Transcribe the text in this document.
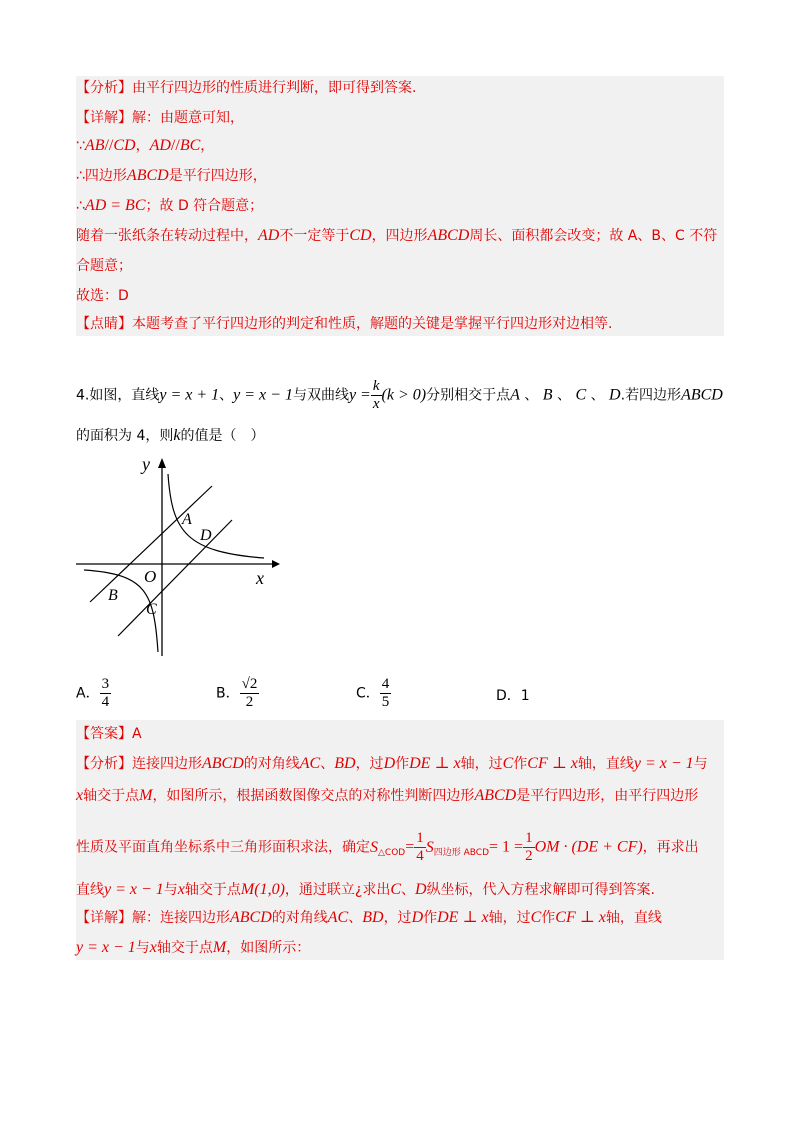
【分析】由平行四边形的性质进行判断，即可得到答案.
【详解】解：由题意可知，
∵AB//CD，AD//BC，
∴四边形ABCD是平行四边形，
∴AD = BC；故 D 符合题意；
随着一张纸条在转动过程中，AD不一定等于CD，四边形ABCD周长、面积都会改变；故 A、B、C 不符
合题意；
故选：D
【点睛】本题考查了平行四边形的判定和性质，解题的关键是掌握平行四边形对边相等.
4.如图，直线y = x + 1、y = x − 1与双曲线$y = \frac{k}{x} (k > 0)$分别相交于点A 、 B 、 C 、 D.若四边形ABCD
的面积为 4，则k的值是（　）
y
x
O
A
D
B
C
A． $\frac{3}{4}$	B． $\frac{√2}{2}$	C． $\frac{4}{5}$	D．1
【答案】A
【分析】连接四边形ABCD的对角线AC、BD，过D作DE ⊥ x轴，过C作CF ⊥ x轴，直线y = x − 1与
x轴交于点M，如图所示，根据函数图像交点的对称性判断四边形ABCD是平行四边形，由平行四边形
性质及平面直角坐标系中三角形面积求法，确定$S_{\triangle COD}= \frac{1}{4} S_{四边形 ABCD}= 1 = \frac{1}{2}$ OM · (DE + CF)，再求出
直线y = x − 1与x轴交于点M(1,0)，通过联立¿求出C、D纵坐标，代入方程求解即可得到答案.
【详解】解：连接四边形ABCD的对角线AC、BD，过D作DE ⊥ x轴，过C作CF ⊥ x轴，直线
y = x − 1与x轴交于点M，如图所示：
